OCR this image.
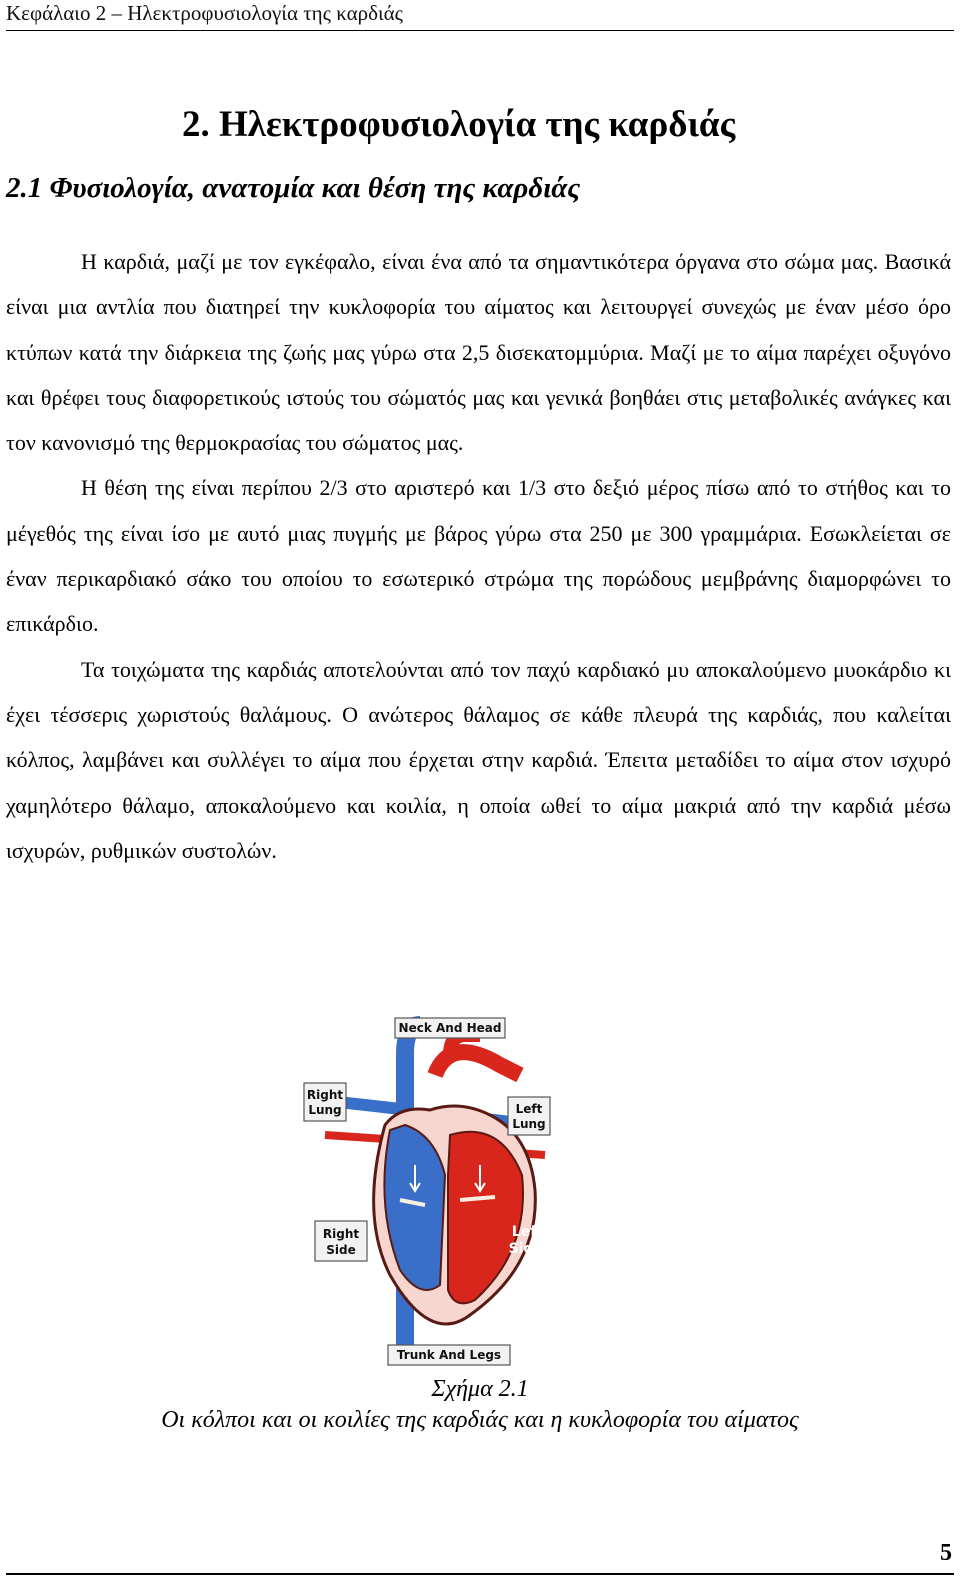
Κεφάλαιο 2 – Ηλεκτροφυσιολογία της καρδιάς
2. Ηλεκτροφυσιολογία της καρδιάς
2.1 Φυσιολογία, ανατομία και θέση της καρδιάς

Η καρδιά, μαζί με τον εγκέφαλο, είναι ένα από τα σημαντικότερα όργανα στο σώμα μας. Βασικά είναι μια αντλία που διατηρεί την κυκλοφορία του αίματος και λειτουργεί συνεχώς με έναν μέσο όρο κτύπων κατά την διάρκεια της ζωής μας γύρω στα 2,5 δισεκατομμύρια. Μαζί με το αίμα παρέχει οξυγόνο και θρέφει τους διαφορετικούς ιστούς του σώματός μας και γενικά βοηθάει στις μεταβολικές ανάγκες και τον κανονισμό της θερμοκρασίας του σώματος μας.

Η θέση της είναι περίπου 2/3 στο αριστερό και 1/3 στο δεξιό μέρος πίσω από το στήθος και το μέγεθός της είναι ίσο με αυτό μιας πυγμής με βάρος γύρω στα 250 με 300 γραμμάρια. Εσωκλείεται σε έναν περικαρδιακό σάκο του οποίου το εσωτερικό στρώμα της πορώδους μεμβράνης διαμορφώνει το επικάρδιο.

Τα τοιχώματα της καρδιάς αποτελούνται από τον παχύ καρδιακό μυ αποκαλούμενο μυοκάρδιο κι έχει τέσσερις χωριστούς θαλάμους. Ο ανώτερος θάλαμος σε κάθε πλευρά της καρδιάς, που καλείται κόλπος, λαμβάνει και συλλέγει το αίμα που έρχεται στην καρδιά. Έπειτα μεταδίδει το αίμα στον ισχυρό χαμηλότερο θάλαμο, αποκαλούμενο και κοιλία, η οποία ωθεί το αίμα μακριά από την καρδιά μέσω ισχυρών, ρυθμικών συστολών.

Neck And Head
Right
Lung	Left
Lung
Right
Side
Left
Side
Trunk And Legs
Σχήμα 2.1
Οι κόλποι και οι κοιλίες της καρδιάς και η κυκλοφορία του αίματος
5
